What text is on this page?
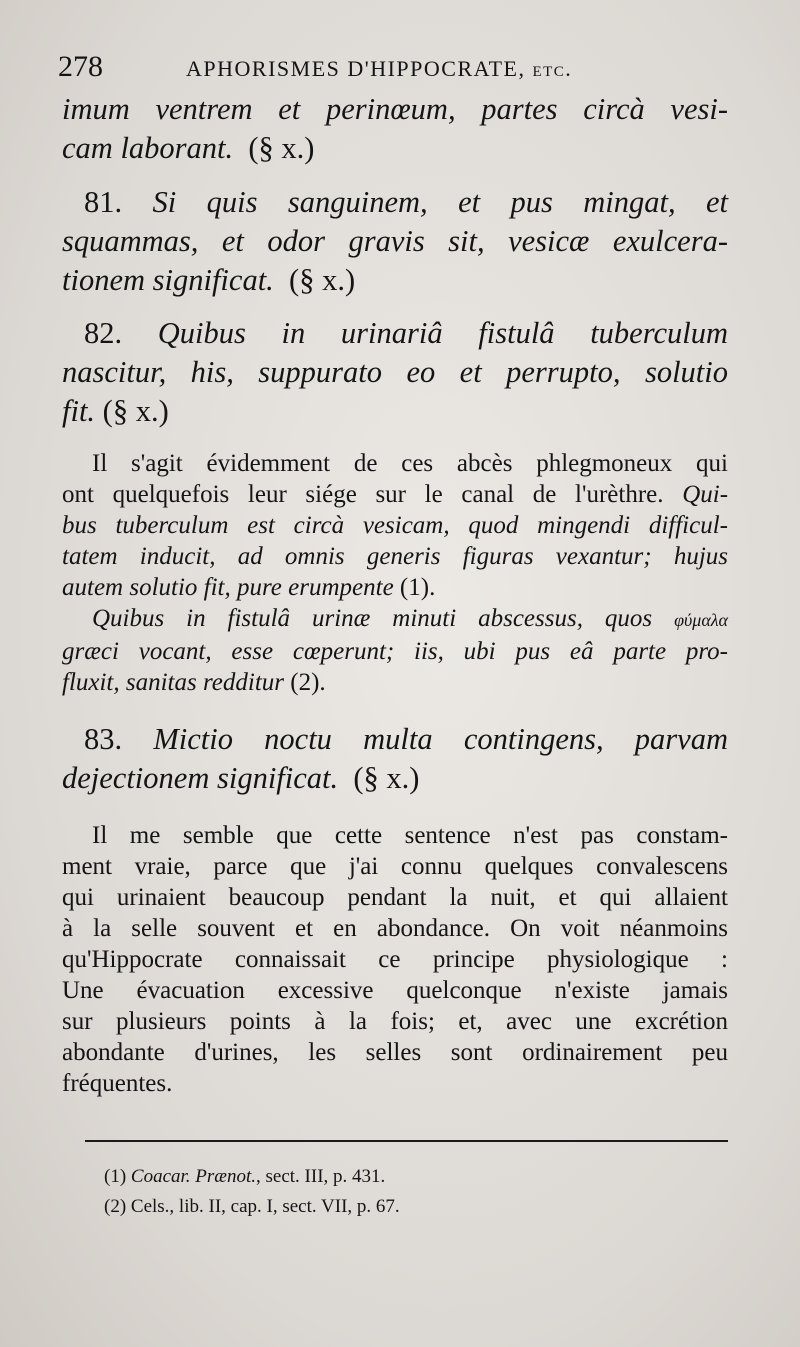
278	APHORISMES D'HIPPOCRATE, etc.

imum ventrem et perinœum, partes circà vesi-
cam laborant. (§ x.)

81. Si quis sanguinem, et pus mingat, et
squammas, et odor gravis sit, vesicæ exulcera-
tionem significat. (§ x.)

82. Quibus in urinariâ fistulâ tuberculum
nascitur, his, suppurato eo et perrupto, solutio
fit. (§ x.)

Il s'agit évidemment de ces abcès phlegmoneux qui
ont quelquefois leur siége sur le canal de l'urèthre. Qui-
bus tuberculum est circà vesicam, quod mingendi difficul-
tatem inducit, ad omnis generis figuras vexantur; hujus
autem solutio fit, pure erumpente (1).
Quibus in fistulâ urinæ minuti abscessus, quos φύμαλα
græci vocant, esse cœperunt; iis, ubi pus eâ parte pro-
fluxit, sanitas redditur (2).

83. Mictio noctu multa contingens, parvam
dejectionem significat. (§ x.)

Il me semble que cette sentence n'est pas constam-
ment vraie, parce que j'ai connu quelques convalescens
qui urinaient beaucoup pendant la nuit, et qui allaient
à la selle souvent et en abondance. On voit néanmoins
qu'Hippocrate connaissait ce principe physiologique :
Une évacuation excessive quelconque n'existe jamais
sur plusieurs points à la fois; et, avec une excrétion
abondante d'urines, les selles sont ordinairement peu
fréquentes.

(1) Coacar. Prænot., sect. III, p. 431.
(2) Cels., lib. II, cap. I, sect. VII, p. 67.
